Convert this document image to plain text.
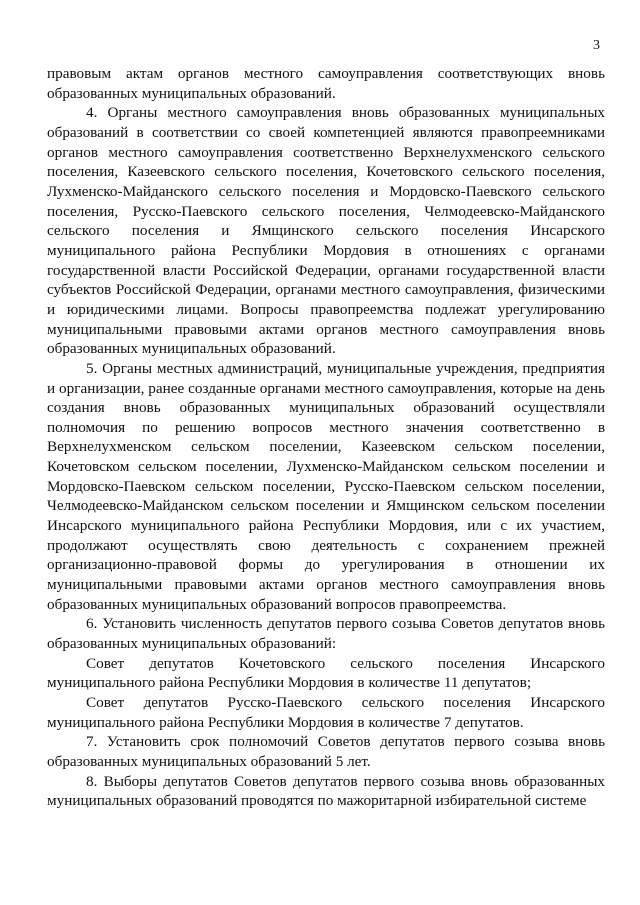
3

правовым актам органов местного самоуправления соответствующих вновь образованных муниципальных образований.

4. Органы местного самоуправления вновь образованных муниципальных образований в соответствии со своей компетенцией являются правопреемниками органов местного самоуправления соответственно Верхнелухменского сельского поселения, Казеевского сельского поселения, Кочетовского сельского поселения, Лухменско-Майданского сельского поселения и Мордовско-Паевского сельского поселения, Русско-Паевского сельского поселения, Челмодеевско-Майданского сельского поселения и Ямщинского сельского поселения Инсарского муниципального района Республики Мордовия в отношениях с органами государственной власти Российской Федерации, органами государственной власти субъектов Российской Федерации, органами местного самоуправления, физическими и юридическими лицами. Вопросы правопреемства подлежат урегулированию муниципальными правовыми актами органов местного самоуправления вновь образованных муниципальных образований.

5. Органы местных администраций, муниципальные учреждения, предприятия и организации, ранее созданные органами местного самоуправления, которые на день создания вновь образованных муниципальных образований осуществляли полномочия по решению вопросов местного значения соответственно в Верхнелухменском сельском поселении, Казеевском сельском поселении, Кочетовском сельском поселении, Лухменско-Майданском сельском поселении и Мордовско-Паевском сельском поселении, Русско-Паевском сельском поселении, Челмодеевско-Майданском сельском поселении и Ямщинском сельском поселении Инсарского муниципального района Республики Мордовия, или с их участием, продолжают осуществлять свою деятельность с сохранением прежней организационно-правовой формы до урегулирования в отношении их муниципальными правовыми актами органов местного самоуправления вновь образованных муниципальных образований вопросов правопреемства.

6. Установить численность депутатов первого созыва Советов депутатов вновь образованных муниципальных образований:

Совет депутатов Кочетовского сельского поселения Инсарского муниципального района Республики Мордовия в количестве 11 депутатов;

Совет депутатов Русско-Паевского сельского поселения Инсарского муниципального района Республики Мордовия в количестве 7 депутатов.

7. Установить срок полномочий Советов депутатов первого созыва вновь образованных муниципальных образований 5 лет.

8. Выборы депутатов Советов депутатов первого созыва вновь образованных муниципальных образований проводятся по мажоритарной избирательной системе
